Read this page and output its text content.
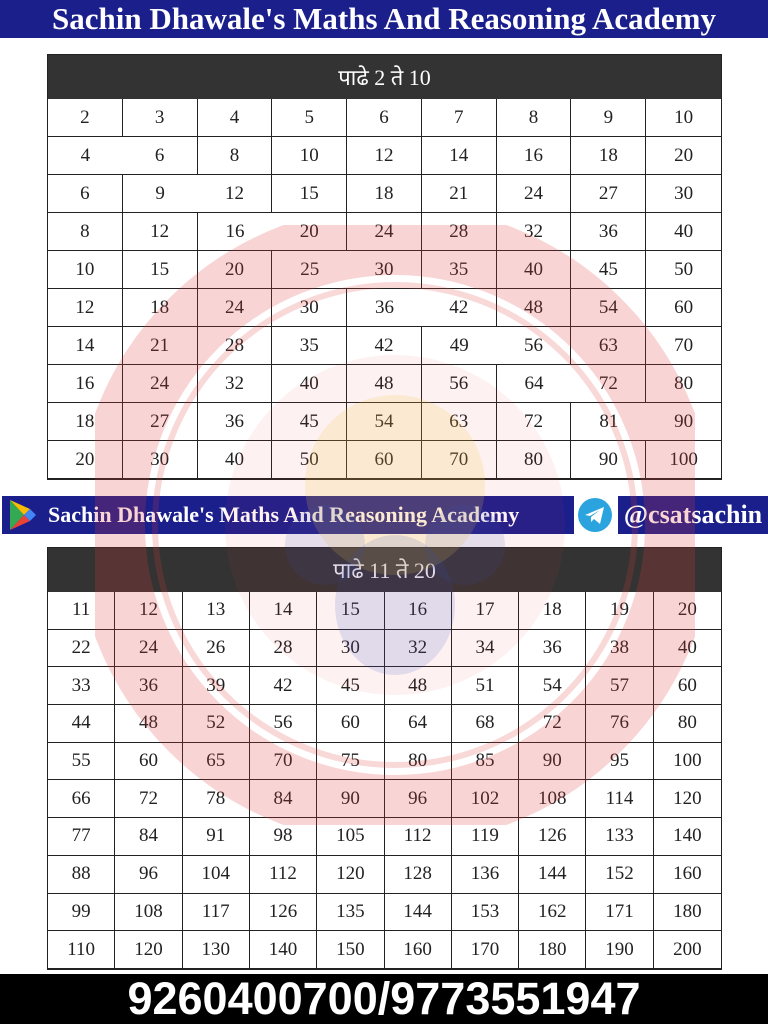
Sachin Dhawale's Maths And Reasoning Academy
पाढे 2 ते 10
2	3	4	5	6	7	8	9	10
4	6	8	10	12	14	16	18	20
6	9	12	15	18	21	24	27	30
8	12	16	20	24	28	32	36	40
10	15	20	25	30	35	40	45	50
12	18	24	30	36	42	48	54	60
14	21	28	35	42	49	56	63	70
16	24	32	40	48	56	64	72	80
18	27	36	45	54	63	72	81	90
20	30	40	50	60	70	80	90	100
Sachin Dhawale's Maths And Reasoning Academy	@csatsachin
पाढे 11 ते 20
11	12	13	14	15	16	17	18	19	20
22	24	26	28	30	32	34	36	38	40
33	36	39	42	45	48	51	54	57	60
44	48	52	56	60	64	68	72	76	80
55	60	65	70	75	80	85	90	95	100
66	72	78	84	90	96	102	108	114	120
77	84	91	98	105	112	119	126	133	140
88	96	104	112	120	128	136	144	152	160
99	108	117	126	135	144	153	162	171	180
110	120	130	140	150	160	170	180	190	200
9260400700/9773551947
